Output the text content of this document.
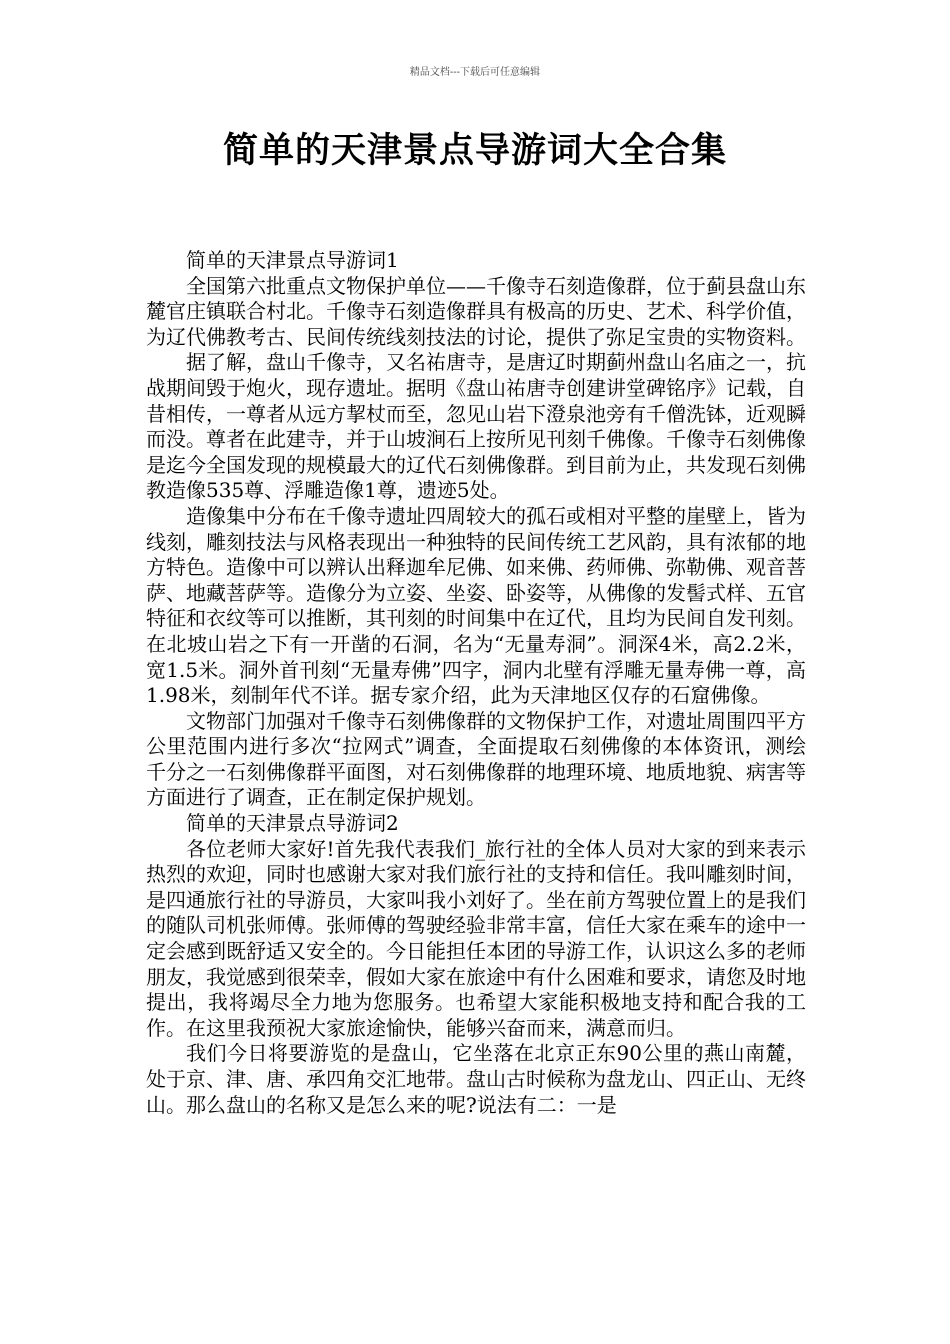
精品文档---下载后可任意编辑
简单的天津景点导游词大全合集

简单的天津景点导游词1

全国第六批重点文物保护单位——千像寺石刻造像群，位于蓟县盘山东麓官庄镇联合村北。千像寺石刻造像群具有极高的历史、艺术、科学价值，为辽代佛教考古、民间传统线刻技法的讨论，提供了弥足宝贵的实物资料。

据了解，盘山千像寺，又名祐唐寺，是唐辽时期蓟州盘山名庙之一，抗战期间毁于炮火，现存遗址。据明《盘山祐唐寺创建讲堂碑铭序》记载，自昔相传，一尊者从远方挈杖而至，忽见山岩下澄泉池旁有千僧洗钵，近观瞬而没。尊者在此建寺，并于山坡涧石上按所见刊刻千佛像。千像寺石刻佛像是迄今全国发现的规模最大的辽代石刻佛像群。到目前为止，共发现石刻佛教造像535尊、浮雕造像1尊，遗迹5处。

造像集中分布在千像寺遗址四周较大的孤石或相对平整的崖壁上，皆为线刻，雕刻技法与风格表现出一种独特的民间传统工艺风韵，具有浓郁的地方特色。造像中可以辨认出释迦牟尼佛、如来佛、药师佛、弥勒佛、观音菩萨、地藏菩萨等。造像分为立姿、坐姿、卧姿等，从佛像的发髻式样、五官特征和衣纹等可以推断，其刊刻的时间集中在辽代，且均为民间自发刊刻。在北坡山岩之下有一开凿的石洞，名为“无量寿洞”。洞深4米，高2.2米，宽1.5米。洞外首刊刻“无量寿佛”四字，洞内北壁有浮雕无量寿佛一尊，高1.98米，刻制年代不详。据专家介绍，此为天津地区仅存的石窟佛像。

文物部门加强对千像寺石刻佛像群的文物保护工作，对遗址周围四平方公里范围内进行多次“拉网式”调查，全面提取石刻佛像的本体资讯，测绘千分之一石刻佛像群平面图，对石刻佛像群的地理环境、地质地貌、病害等方面进行了调查，正在制定保护规划。

简单的天津景点导游词2

各位老师大家好!首先我代表我们_旅行社的全体人员对大家的到来表示热烈的欢迎，同时也感谢大家对我们旅行社的支持和信任。我叫雕刻时间，是四通旅行社的导游员，大家叫我小刘好了。坐在前方驾驶位置上的是我们的随队司机张师傅。张师傅的驾驶经验非常丰富，信任大家在乘车的途中一定会感到既舒适又安全的。今日能担任本团的导游工作，认识这么多的老师朋友，我觉感到很荣幸，假如大家在旅途中有什么困难和要求，请您及时地提出，我将竭尽全力地为您服务。也希望大家能积极地支持和配合我的工作。在这里我预祝大家旅途愉快，能够兴奋而来，满意而归。

我们今日将要游览的是盘山，它坐落在北京正东90公里的燕山南麓，处于京、津、唐、承四角交汇地带。盘山古时候称为盘龙山、四正山、无终山。那么盘山的名称又是怎么来的呢?说法有二：一是
